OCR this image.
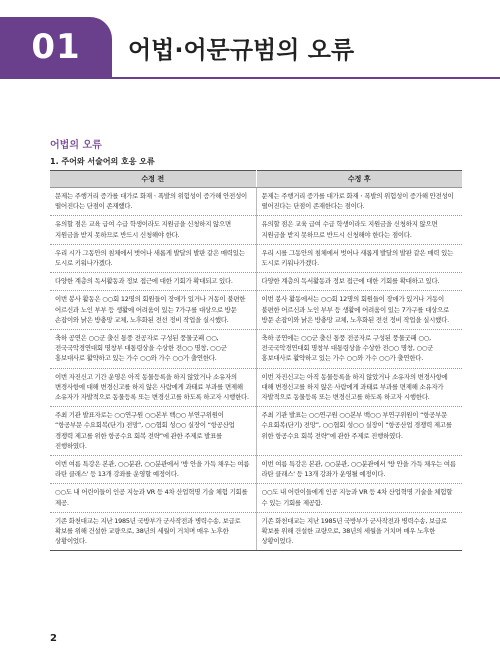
01 어법·어문규범의 오류
어법의 오류
1. 주어와 서술어의 호응 오류
수정 전	수정 후
문제는 주행거리 증가를 대가로 화재ㆍ폭발의 위험성이 증가해 안전성이 떨어진다는 단점이 존재했다.	문제는 주행거리 증가를 대가로 화재ㆍ폭발의 위험성이 증가해 안전성이 떨어진다는 단점이 존재한다는 점이다.
유의할 점은 교육 급여 수급 학생이라도 지원금을 신청하지 않으면 지원금을 받지 못하므로 반드시 신청해야 한다.	유의할 점은 교육 급여 수급 학생이라도 지원금을 신청하지 않으면 지원금을 받지 못하므로 반드시 신청해야 한다는 점이다.
우리 시가 그동안의 침체에서 벗어나 새롭게 발달의 발판 같은 매력있는 도시로 키워나가겠다.	우리 시를 그동안의 침체에서 벗어나 새롭게 발달의 발판 같은 매력 있는 도시로 키워나가겠다.
다양한 계층의 독서활동과 정보 접근에 대한 기회가 확대되고 있다.	다양한 계층의 독서활동과 정보 접근에 대한 기회를 확대하고 있다.
이번 봉사 활동은 ○○회 12명의 회원들이 장애가 있거나 거동이 불편한 어르신과 노인 부부 등 생활에 어려움이 있는 7가구를 대상으로 방문 손잡이와 낡은 방충망 교체, 노후화된 전선 정비 작업을 실시했다.	이번 봉사 활동에서는 ○○회 12명의 회원들이 장애가 있거나 거동이 불편한 어르신과 노인 부부 등 생활에 어려움이 있는 7가구를 대상으로 방문 손잡이와 낡은 방충망 교체, 노후화된 전선 정비 작업을 실시했다.
축하 공연은 ○○군 출신 통풍 전공자로 구성된 풍물굿패 ○○, 전국국악경연대회 명창부 대통령상을 수상한 전○○ 명창, ○○군 홍보대사로 활약하고 있는 가수 ○○와 가수 ○○가 출연한다.	축하 공연에는 ○○군 출신 통풍 전공자로 구성된 풍물굿패 ○○, 전국국악경연대회 명창부 대통령상을 수상한 전○○ 명창, ○○군 홍보대사로 활약하고 있는 가수 ○○와 가수 ○○가 출연한다.
이번 자진신고 기간 운영은 아직 동물등록을 하지 않았거나 소유자의 변경사항에 대해 변경신고를 하지 않은 사람에게 과태료 부과를 면제해 소유자가 자발적으로 동물등록 또는 변경신고를 하도록 하고자 시행한다.	이번 자진신고는 아직 동물등록을 하지 않았거나 소유자의 변경사항에 대해 변경신고를 하지 않은 사람에게 과태료 부과를 면제해 소유자가 자발적으로 동물등록 또는 변경신고를 하도록 하고자 시행한다.
주최 기관 발표자로는 ○○연구원 ○○본부 백○○ 부연구위원이 “항공부문 수요회복(단기) 전망”, ○○협회 성○○ 실장이 “항공산업 경쟁력 제고를 위한 항공수요 회복 전략”에 관한 주제로 발표를 진행하였다.	주최 기관 발표는 ○○연구원 ○○본부 백○○ 부연구위원이 “항공부문 수요회복(단기) 전망”, ○○협회 성○○ 실장이 “항공산업 경쟁력 제고를 위한 항공수요 회복 전략”에 관한 주제로 진행하였다.
이번 여름 특강은 본관, ○○분관, ○○분관에서 '방 안을 가득 채우는 여름 라탄 클래스' 등 13개 강좌를 운영할 예정이다.	이번 여름 특강은 본관, ○○분관, ○○분관에서 '방 안을 가득 채우는 여름 라탄 클래스' 등 13개 강좌가 운영될 예정이다.
○○도 내 어린이들이 인공 지능과 VR 등 4차 산업혁명 기술 체험 기회를 제공.	○○도 내 어린이들에게 인공 지능과 VR 등 4차 산업혁명 기술을 체험할 수 있는 기회를 제공함.
기존 화천대교는 지난 1985년 국방부가 군사작전과 병력수송, 보급로 확보를 위해 건설한 교량으로, 38년의 세월이 거치며 매우 노후한 상황이었다.	기존 화천대교는 지난 1985년 국방부가 군사작전과 병력수송, 보급로 확보를 위해 건설한 교량으로, 38년의 세월을 거치며 매우 노후한 상황이었다.
2
